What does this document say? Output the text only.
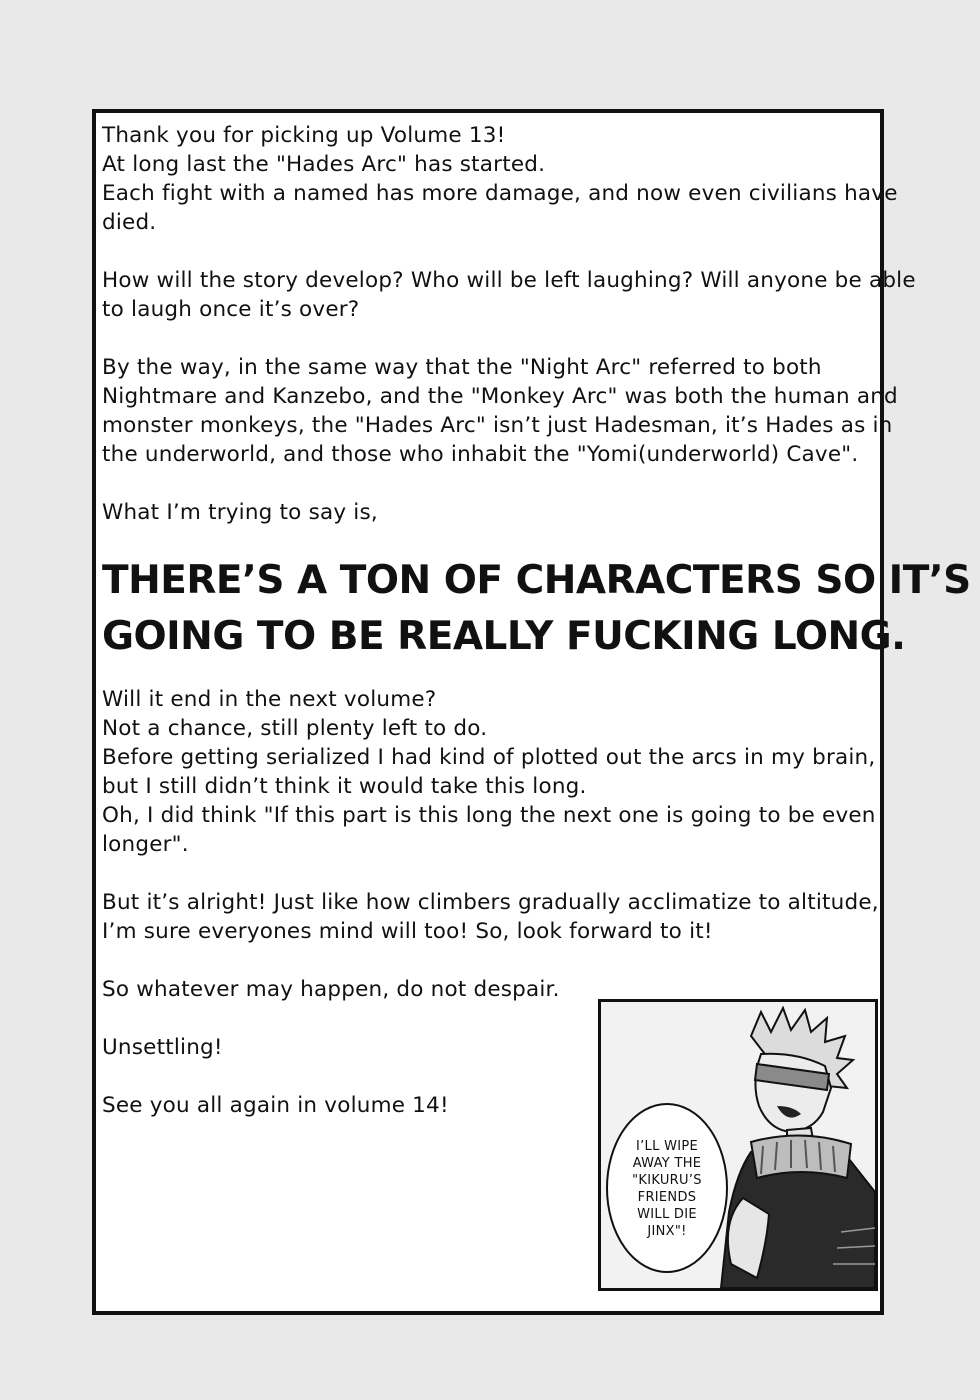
Thank you for picking up Volume 13!
At long last the "Hades Arc" has started.
Each fight with a named has more damage, and now even civilians have
died.
How will the story develop? Who will be left laughing? Will anyone be able
to laugh once it’s over?
By the way, in the same way that the "Night Arc" referred to both
Nightmare and Kanzebo, and the "Monkey Arc" was both the human and
monster monkeys, the "Hades Arc" isn’t just Hadesman, it’s Hades as in
the underworld, and those who inhabit the "Yomi(underworld) Cave".
What I’m trying to say is,
THERE’S A TON OF CHARACTERS SO IT’S
GOING TO BE REALLY FUCKING LONG.
Will it end in the next volume?
Not a chance, still plenty left to do.
Before getting serialized I had kind of plotted out the arcs in my brain,
but I still didn’t think it would take this long.
Oh, I did think "If this part is this long the next one is going to be even
longer".
But it’s alright! Just like how climbers gradually acclimatize to altitude,
I’m sure everyones mind will too! So, look forward to it!
So whatever may happen, do not despair.
Unsettling!
See you all again in volume 14!
I’LL WIPE
AWAY THE
"KIKURU’S
FRIENDS
WILL DIE
JINX"!
